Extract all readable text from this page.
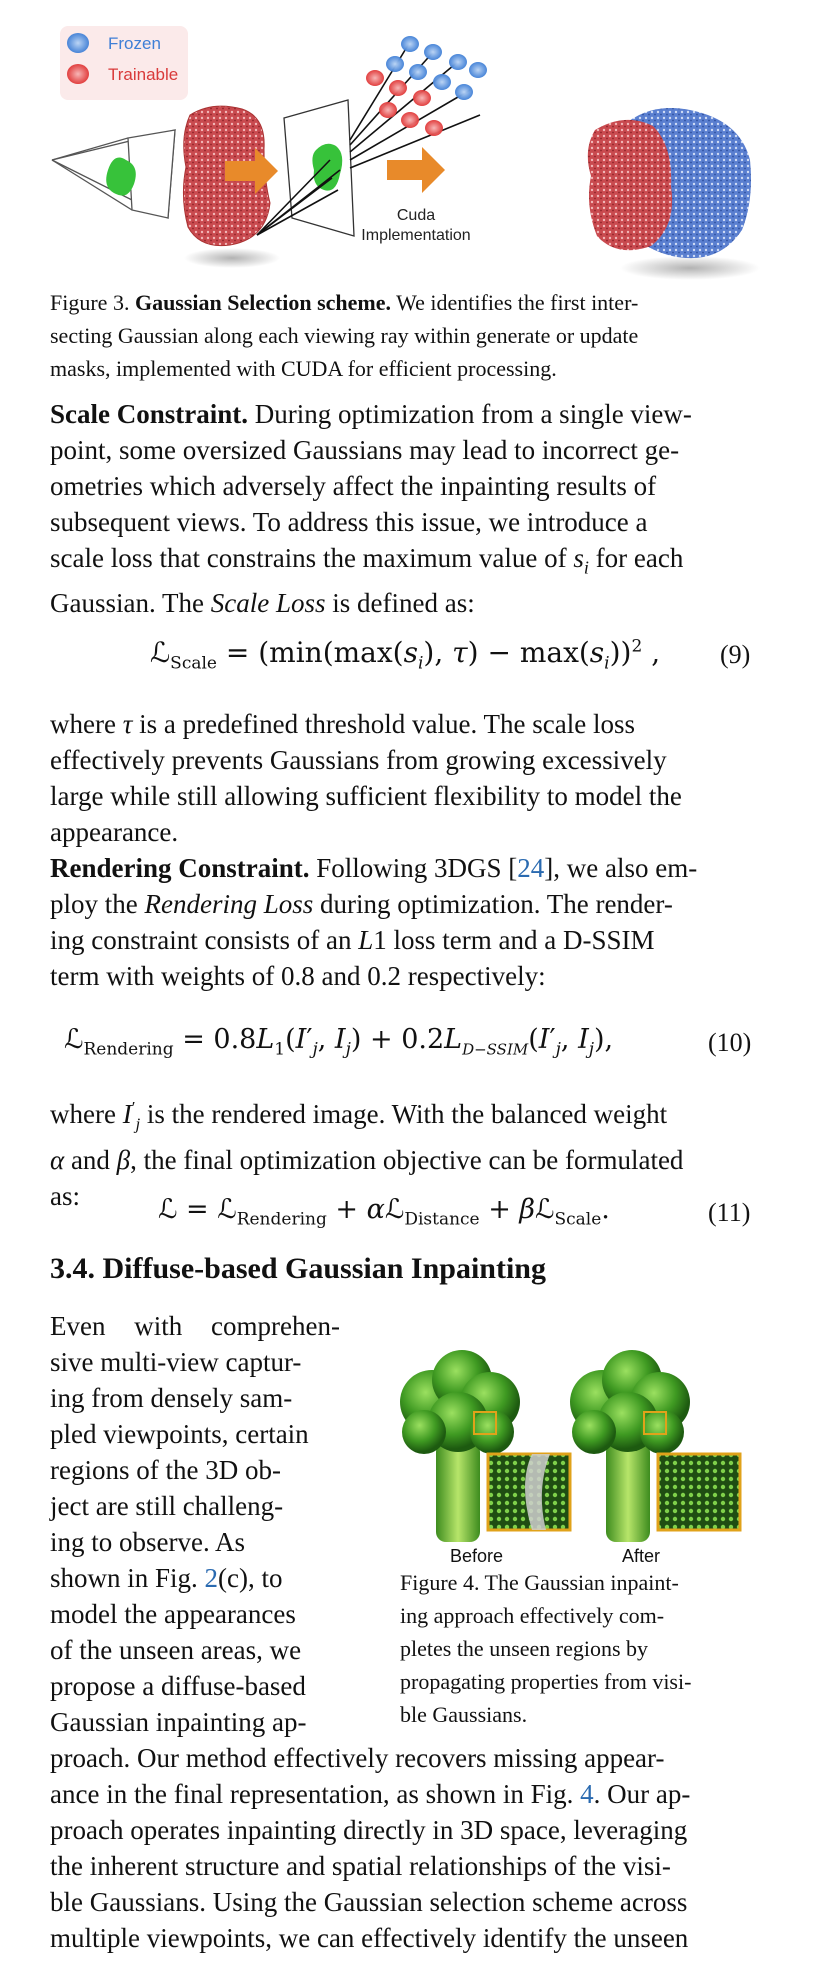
Frozen
Trainable
Cuda
Implementation
Figure 3. Gaussian Selection scheme. We identifies the first inter-
secting Gaussian along each viewing ray within generate or update
masks, implemented with CUDA for efficient processing.
Scale Constraint. During optimization from a single view-
point, some oversized Gaussians may lead to incorrect ge-
ometries which adversely affect the inpainting results of
subsequent views. To address this issue, we introduce a
scale loss that constrains the maximum value of $s_i$ for each
Gaussian. The Scale Loss is defined as:
ℒ$_{Scale}$ = ($\min(\max(s_i)$, $\tau) - \max(s_i))^2$ , (9)
where τ is a predefined threshold value. The scale loss
effectively prevents Gaussians from growing excessively
large while still allowing sufficient flexibility to model the
appearance.
Rendering Constraint. Following 3DGS [24], we also em-
ploy the Rendering Loss during optimization. The render-
ing constraint consists of an L1 loss term and a D-SSIM
term with weights of 0.8 and 0.2 respectively:
ℒ$_{Rendering}$ = $0.8L_1(I'_j$, $I_j) + 0.2L_{D-SSIM}(I'_j$, $I_j$),	(10)
where $I'_j$ is the rendered image. With the balanced weight
α and β, the final optimization objective can be formulated
as:	ℒ = ℒ$_{Rendering}$ + αℒ$_{Distance}$ + βℒ$_{Scale}$.	(11)
3.4. Diffuse-based Gaussian Inpainting
Even with comprehen-
sive multi-view captur-
ing from densely sam-
pled viewpoints, certain
regions of the 3D ob-
ject are still challeng-
ing to observe. As
shown in Fig. 2(c), to
model the appearances
of the unseen areas, we
propose a diffuse-based
Gaussian inpainting ap-
Before	After
Figure 4. The Gaussian inpaint-
ing approach effectively com-
pletes the unseen regions by
propagating properties from visi-
ble Gaussians.
proach. Our method effectively recovers missing appear-
ance in the final representation, as shown in Fig. 4. Our ap-
proach operates inpainting directly in 3D space, leveraging
the inherent structure and spatial relationships of the visi-
ble Gaussians. Using the Gaussian selection scheme across
multiple viewpoints, we can effectively identify the unseen
